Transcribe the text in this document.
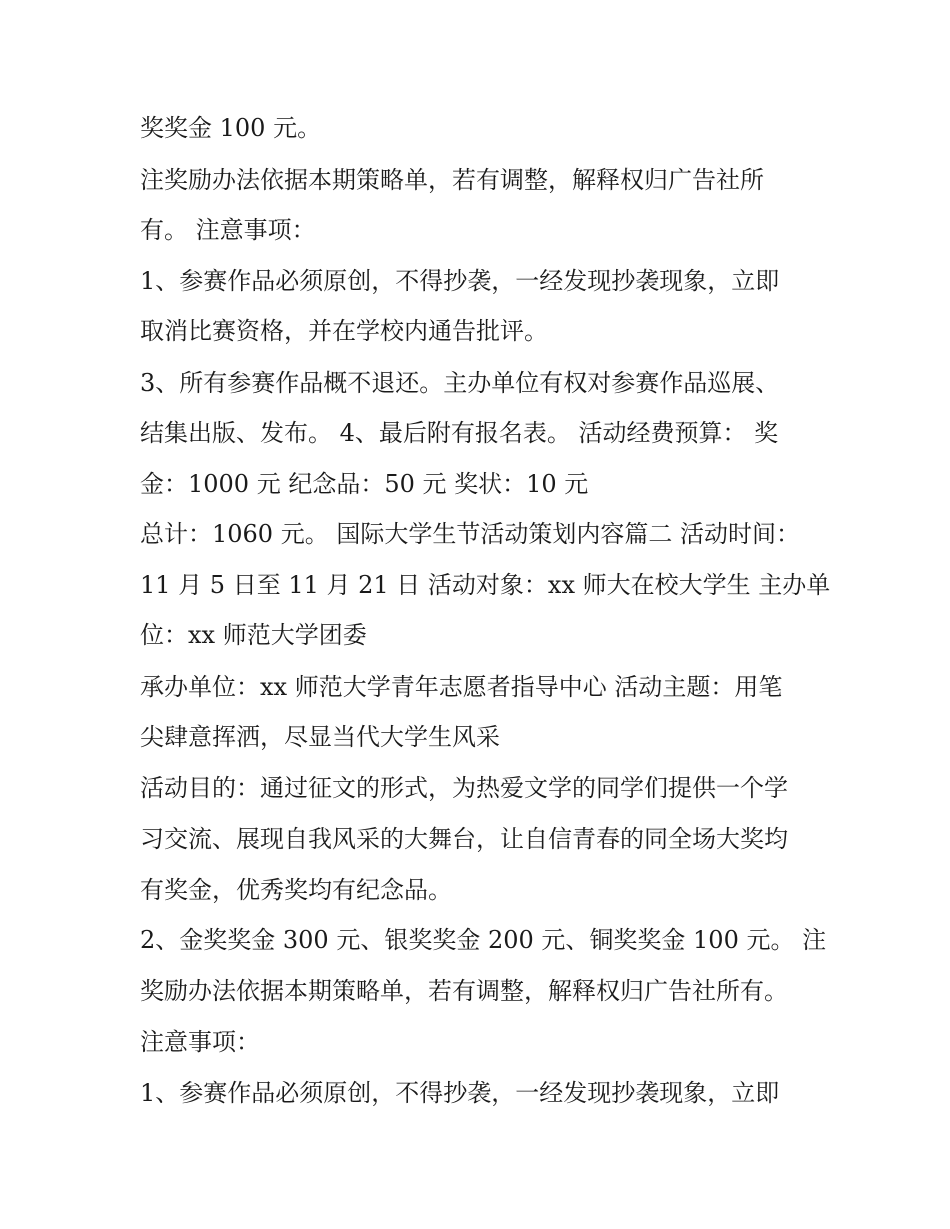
奖奖金 100 元。
注奖励办法依据本期策略单，若有调整，解释权归广告社所
有。 注意事项：
1、参赛作品必须原创，不得抄袭，一经发现抄袭现象，立即
取消比赛资格，并在学校内通告批评。
3、所有参赛作品概不退还。主办单位有权对参赛作品巡展、
结集出版、发布。 4、最后附有报名表。 活动经费预算： 奖
金：1000 元 纪念品：50 元 奖状：10 元
总计：1060 元。 国际大学生节活动策划内容篇二 活动时间：
11 月 5 日至 11 月 21 日 活动对象：xx 师大在校大学生 主办单
位：xx 师范大学团委
承办单位：xx 师范大学青年志愿者指导中心 活动主题：用笔
尖肆意挥洒，尽显当代大学生风采
活动目的：通过征文的形式，为热爱文学的同学们提供一个学
习交流、展现自我风采的大舞台，让自信青春的同全场大奖均
有奖金，优秀奖均有纪念品。
2、金奖奖金 300 元、银奖奖金 200 元、铜奖奖金 100 元。 注
奖励办法依据本期策略单，若有调整，解释权归广告社所有。
注意事项：
1、参赛作品必须原创，不得抄袭，一经发现抄袭现象，立即
